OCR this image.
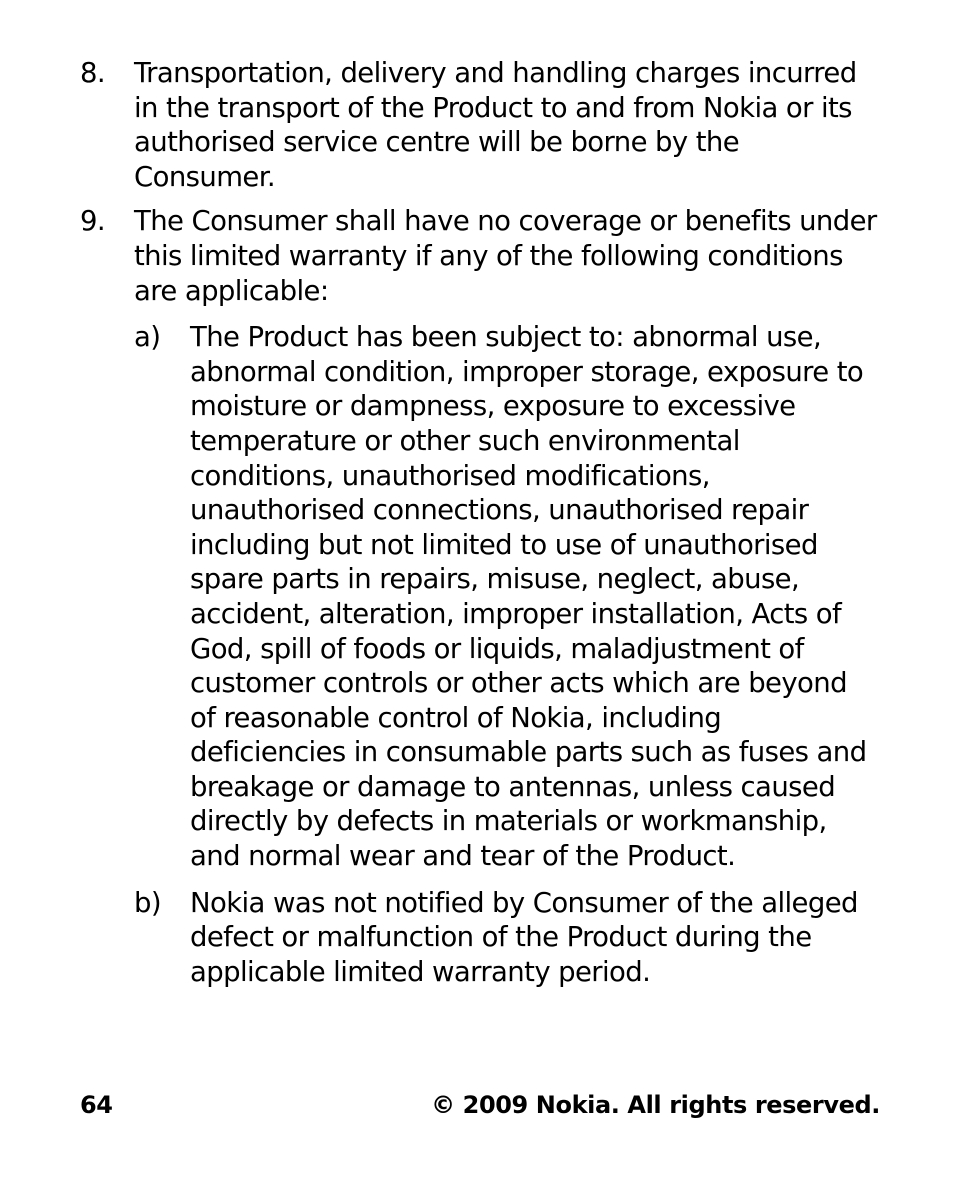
8.	Transportation, delivery and handling charges incurred in the transport of the Product to and from Nokia or its authorised service centre will be borne by the Consumer.
9.	The Consumer shall have no coverage or benefits under this limited warranty if any of the following conditions are applicable:
a)	The Product has been subject to: abnormal use, abnormal condition, improper storage, exposure to moisture or dampness, exposure to excessive temperature or other such environmental conditions, unauthorised modifications, unauthorised connections, unauthorised repair including but not limited to use of unauthorised spare parts in repairs, misuse, neglect, abuse, accident, alteration, improper installation, Acts of God, spill of foods or liquids, maladjustment of customer controls or other acts which are beyond of reasonable control of Nokia, including deficiencies in consumable parts such as fuses and breakage or damage to antennas, unless caused directly by defects in materials or workmanship, and normal wear and tear of the Product.
b)	Nokia was not notified by Consumer of the alleged defect or malfunction of the Product during the applicable limited warranty period.
64	© 2009 Nokia. All rights reserved.
